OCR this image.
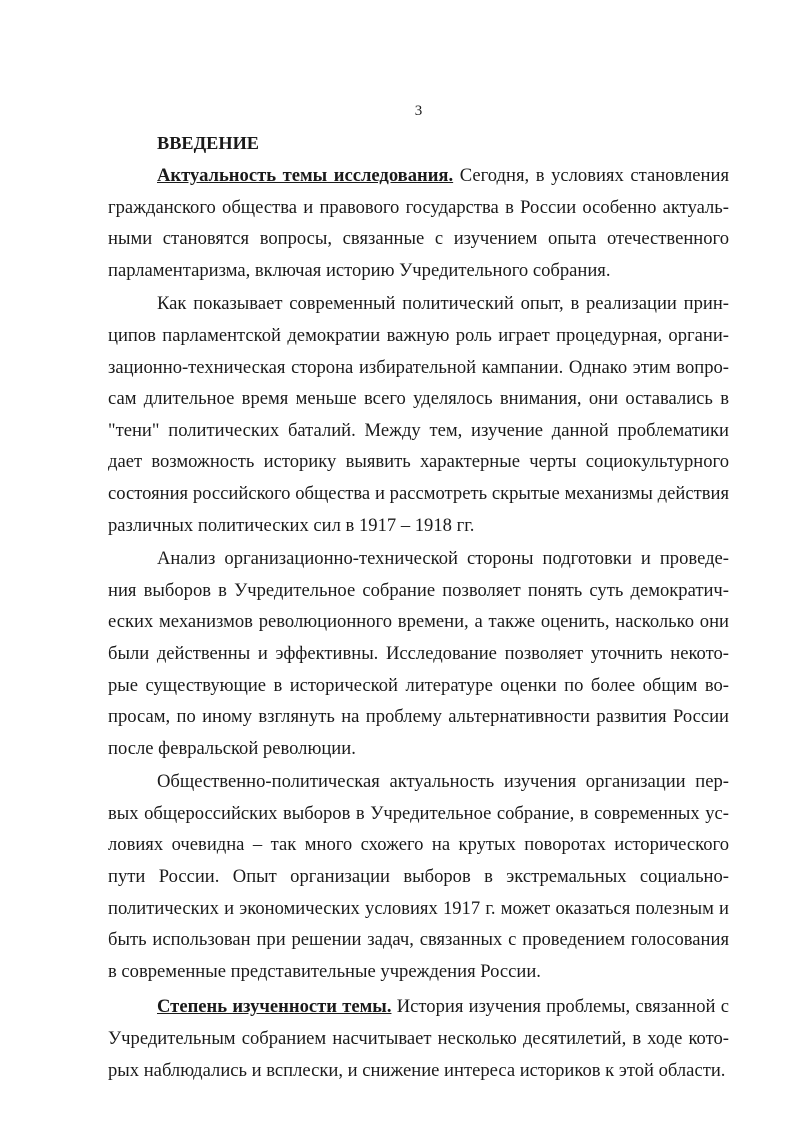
3
ВВЕДЕНИЕ

Актуальность темы исследования. Сегодня, в условиях становления гражданского общества и правового государства в России особенно актуальными становятся вопросы, связанные с изучением опыта отечественного парламентаризма, включая историю Учредительного собрания.

Как показывает современный политический опыт, в реализации принципов парламентской демократии важную роль играет процедурная, организационно-техническая сторона избирательной кампании. Однако этим вопросам длительное время меньше всего уделялось внимания, они оставались в "тени" политических баталий. Между тем, изучение данной проблематики дает возможность историку выявить характерные черты социокультурного состояния российского общества и рассмотреть скрытые механизмы действия различных политических сил в 1917 – 1918 гг.

Анализ организационно-технической стороны подготовки и проведения выборов в Учредительное собрание позволяет понять суть демократических механизмов революционного времени, а также оценить, насколько они были действенны и эффективны. Исследование позволяет уточнить некоторые существующие в исторической литературе оценки по более общим вопросам, по иному взглянуть на проблему альтернативности развития России после февральской революции.

Общественно-политическая актуальность изучения организации первых общероссийских выборов в Учредительное собрание, в современных условиях очевидна – так много схожего на крутых поворотах исторического пути России. Опыт организации выборов в экстремальных социально-политических и экономических условиях 1917 г. может оказаться полезным и быть использован при решении задач, связанных с проведением голосования в современные представительные учреждения России.

Степень изученности темы. История изучения проблемы, связанной с Учредительным собранием насчитывает несколько десятилетий, в ходе которых наблюдались и всплески, и снижение интереса историков к этой области.
